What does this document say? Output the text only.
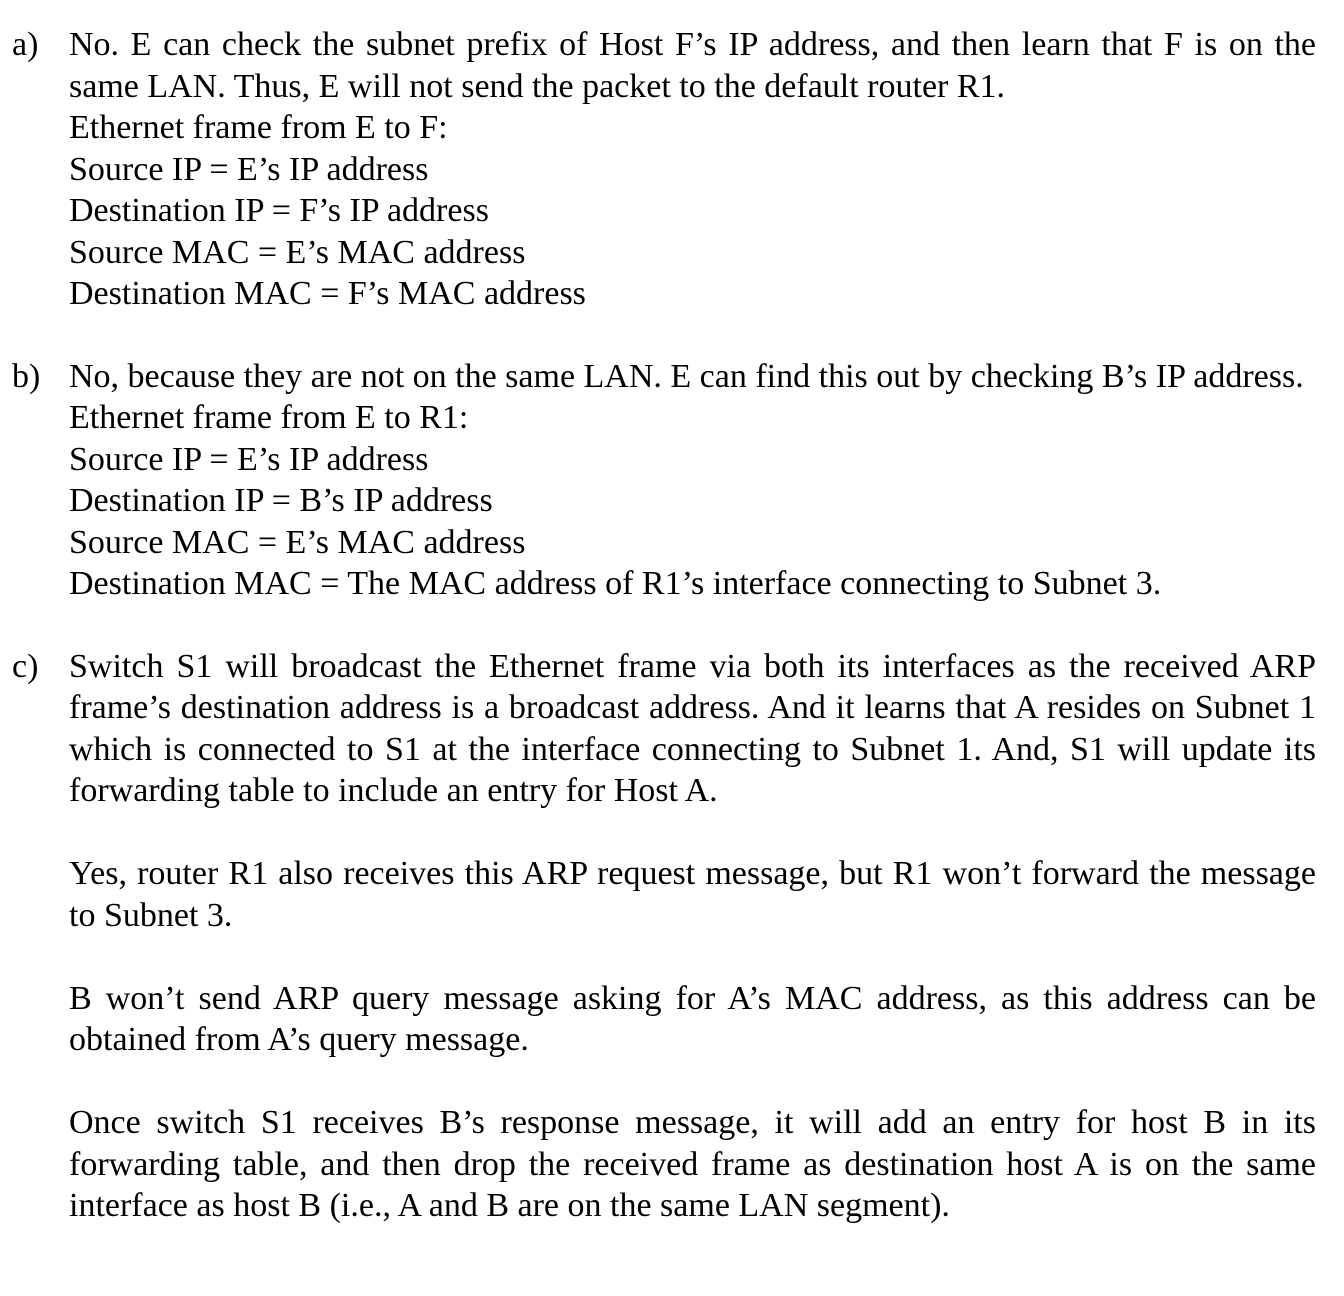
a) No. E can check the subnet prefix of Host F’s IP address, and then learn that F is on the same LAN. Thus, E will not send the packet to the default router R1.

Ethernet frame from E to F:
Source IP = E’s IP address
Destination IP = F’s IP address
Source MAC = E’s MAC address
Destination MAC = F’s MAC address
b) No, because they are not on the same LAN. E can find this out by checking B’s IP address.

Ethernet frame from E to R1:
Source IP = E’s IP address
Destination IP = B’s IP address
Source MAC = E’s MAC address
Destination MAC = The MAC address of R1’s interface connecting to Subnet 3.
c) Switch S1 will broadcast the Ethernet frame via both its interfaces as the received ARP frame’s destination address is a broadcast address. And it learns that A resides on Subnet 1 which is connected to S1 at the interface connecting to Subnet 1. And, S1 will update its forwarding table to include an entry for Host A.

Yes, router R1 also receives this ARP request message, but R1 won’t forward the message to Subnet 3.

B won’t send ARP query message asking for A’s MAC address, as this address can be obtained from A’s query message.

Once switch S1 receives B’s response message, it will add an entry for host B in its forwarding table, and then drop the received frame as destination host A is on the same interface as host B (i.e., A and B are on the same LAN segment).
